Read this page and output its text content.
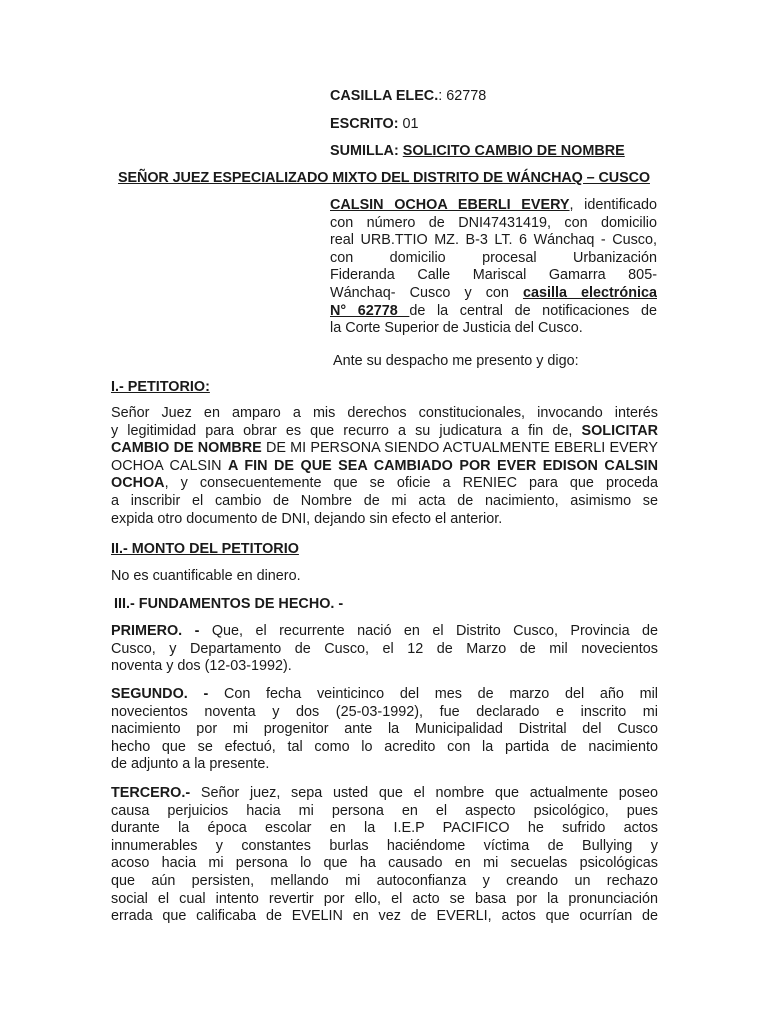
CASILLA ELEC.: 62778
ESCRITO: 01
SUMILLA: SOLICITO CAMBIO DE NOMBRE
SEÑOR JUEZ ESPECIALIZADO MIXTO DEL DISTRITO DE WÁNCHAQ – CUSCO
CALSIN OCHOA EBERLI EVERY, identificado
con número de DNI47431419, con domicilio
real URB.TTIO MZ. B-3 LT. 6 Wánchaq - Cusco,
con domicilio procesal Urbanización
Fideranda Calle Mariscal Gamarra 805-
Wánchaq- Cusco y con casilla electrónica
N° 62778 de la central de notificaciones de
la Corte Superior de Justicia del Cusco.
Ante su despacho me presento y digo:
I.- PETITORIO:
Señor Juez en amparo a mis derechos constitucionales, invocando interés
y legitimidad para obrar es que recurro a su judicatura a fin de, SOLICITAR
CAMBIO DE NOMBRE DE MI PERSONA SIENDO ACTUALMENTE EBERLI EVERY
OCHOA CALSIN A FIN DE QUE SEA CAMBIADO POR EVER EDISON CALSIN
OCHOA, y consecuentemente que se oficie a RENIEC para que proceda
a inscribir el cambio de Nombre de mi acta de nacimiento, asimismo se
expida otro documento de DNI, dejando sin efecto el anterior.
II.- MONTO DEL PETITORIO
No es cuantificable en dinero.
III.- FUNDAMENTOS DE HECHO. -
PRIMERO. - Que, el recurrente nació en el Distrito Cusco, Provincia de
Cusco, y Departamento de Cusco, el 12 de Marzo de mil novecientos
noventa y dos (12-03-1992).
SEGUNDO. - Con fecha veinticinco del mes de marzo del año mil
novecientos noventa y dos (25-03-1992), fue declarado e inscrito mi
nacimiento por mi progenitor ante la Municipalidad Distrital del Cusco
hecho que se efectuó, tal como lo acredito con la partida de nacimiento
de adjunto a la presente.
TERCERO.- Señor juez, sepa usted que el nombre que actualmente poseo
causa perjuicios hacia mi persona en el aspecto psicológico, pues
durante la época escolar en la I.E.P PACIFICO he sufrido actos
innumerables y constantes burlas haciéndome víctima de Bullying y
acoso hacia mi persona lo que ha causado en mi secuelas psicológicas
que aún persisten, mellando mi autoconfianza y creando un rechazo
social el cual intento revertir por ello, el acto se basa por la pronunciación
errada que calificaba de EVELIN en vez de EVERLI, actos que ocurrían de
